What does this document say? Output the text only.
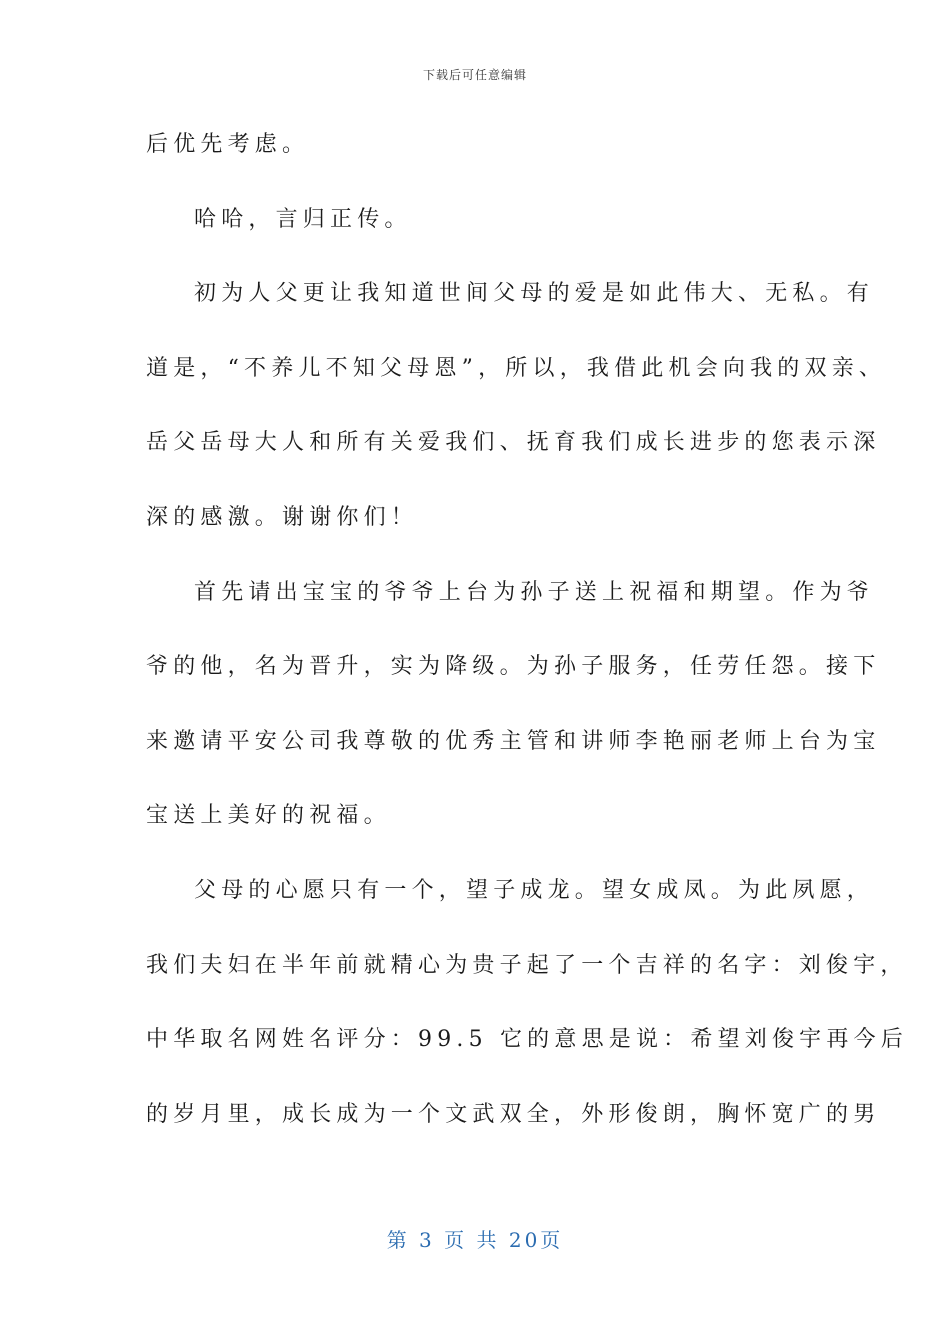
下载后可任意编辑
后优先考虑。
哈哈，言归正传。
初为人父更让我知道世间父母的爱是如此伟大、无私。有
道是，“不养儿不知父母恩”，所以，我借此机会向我的双亲、
岳父岳母大人和所有关爱我们、抚育我们成长进步的您表示深
深的感激。谢谢你们！
首先请出宝宝的爷爷上台为孙子送上祝福和期望。作为爷
爷的他，名为晋升，实为降级。为孙子服务，任劳任怨。接下
来邀请平安公司我尊敬的优秀主管和讲师李艳丽老师上台为宝
宝送上美好的祝福。
父母的心愿只有一个，望子成龙。望女成凤。为此夙愿，
我们夫妇在半年前就精心为贵子起了一个吉祥的名字：刘俊宇，
中华取名网姓名评分：99.5 它的意思是说：希望刘俊宇再今后
的岁月里，成长成为一个文武双全，外形俊朗，胸怀宽广的男
第 3 页 共 20页
